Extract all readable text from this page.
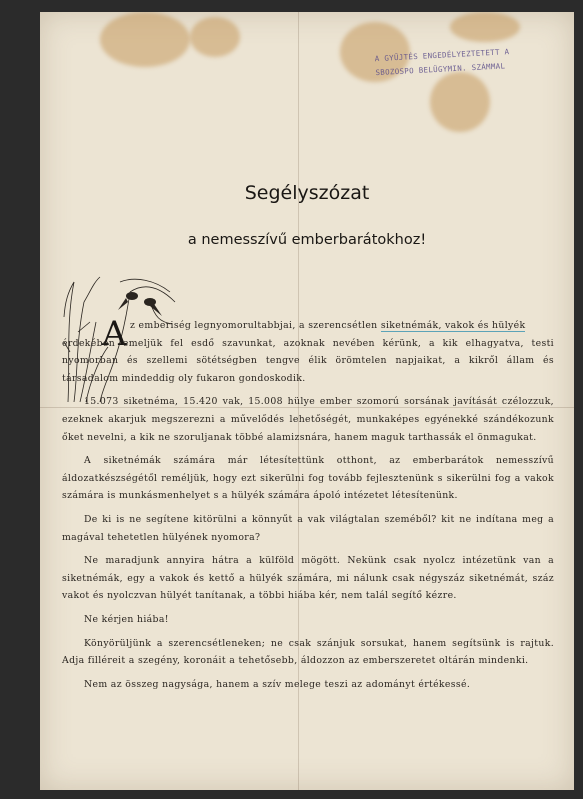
A GYŰJTÉS ENGEDÉLYEZTETETT A
SBOZOSPO BELÜGYMIN. SZÁMMAL
Segélyszózat
a nemesszívű emberbarátokhoz!
A z emberiség legnyomorultabbjai, a szerencsétlen siketnémák, vakok és hülyék

érdekében emeljük fel esdő szavunkat, azoknak nevében kérünk, a kik elhagyatva, testi nyomorban és szellemi sötétségben tengve élik örömtelen napjaikat, a kikről állam és társadalom mindeddig oly fukaron gondoskodik.

15.073 siketnéma, 15.420 vak, 15.008 hülye ember szomorú sorsának javítását czélozzuk, ezeknek akarjuk megszerezni a művelődés lehetőségét, munkaképes egyénekké szándékozunk őket nevelni, a kik ne szoruljanak többé alamizsnára, hanem maguk tarthassák el önmagukat.

A siketnémák számára már létesítettünk otthont, az emberbarátok nemesszívű áldozatkészségétől reméljük, hogy ezt sikerülni fog tovább fejlesztenünk s sikerülni fog a vakok számára is munkásmenhelyet s a hülyék számára ápoló intézetet létesítenünk.

De ki is ne segítene kitörülni a könnyűt a vak világtalan szeméből? kit ne indítana meg a magával tehetetlen hülyének nyomora?

Ne maradjunk annyira hátra a külföld mögött. Nekünk csak nyolcz intézetünk van a siketnémák, egy a vakok és kettő a hülyék számára, mi nálunk csak négyszáz siketnémát, száz vakot és nyolczvan hülyét tanítanak, a többi hiába kér, nem talál segítő kézre.

Ne kérjen hiába!

Könyörüljünk a szerencsétleneken; ne csak szánjuk sorsukat, hanem segítsünk is rajtuk. Adja filléreit a szegény, koronáit a tehetősebb, áldozzon az emberszeretet oltárán mindenki.

Nem az összeg nagysága, hanem a szív melege teszi az adományt értékessé.
